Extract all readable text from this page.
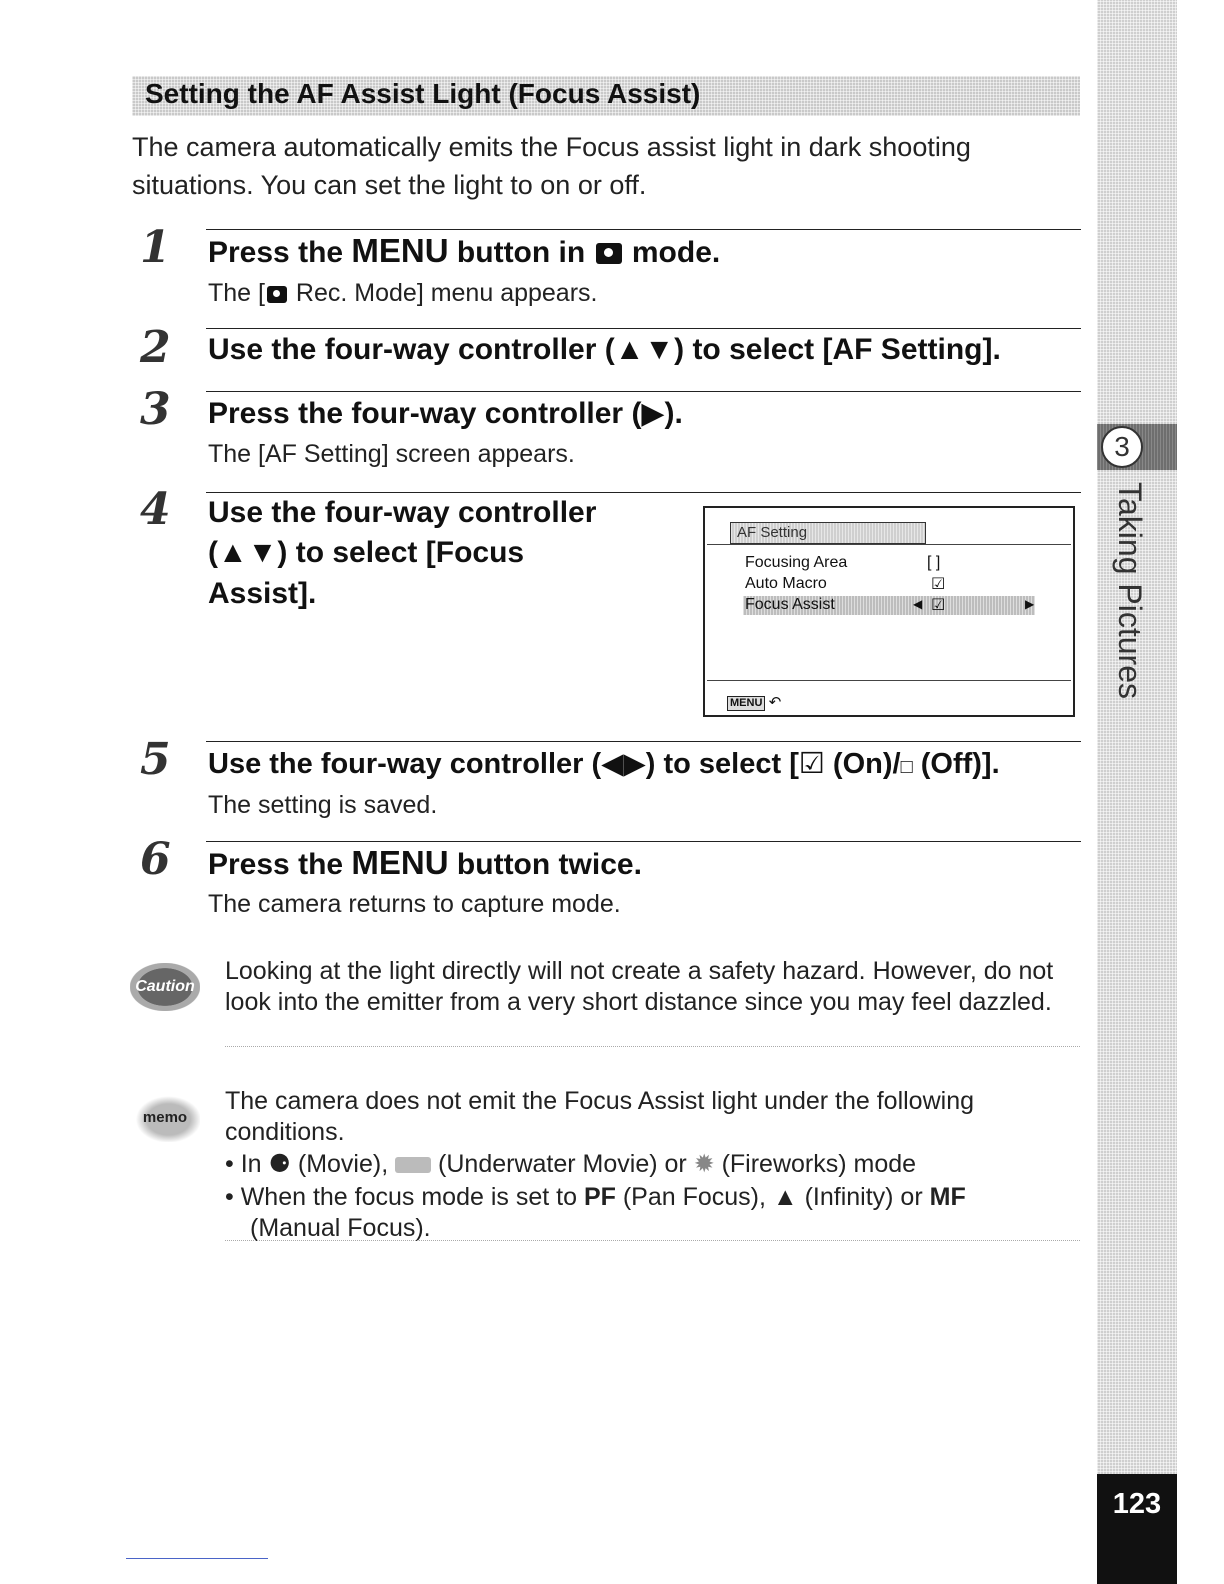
3
Taking Pictures
123
Setting the AF Assist Light (Focus Assist)
The camera automatically emits the Focus assist light in dark shooting situations. You can set the light to on or off.
1 Press the MENU button in  mode.
The [ Rec. Mode] menu appears.
2 Use the four-way controller (▲▼) to select [AF Setting].
3 Press the four-way controller (▶).
The [AF Setting] screen appears.
4 Use the four-way controller
(▲▼) to select [Focus
Assist].
AF Setting
Focusing Area	[ ]
Auto Macro	☑
Focus Assist	◀ ☑	▶
MENU ↶
5 Use the four-way controller (◀▶) to select [☑ (On)/□ (Off)].
The setting is saved.
6 Press the MENU button twice.
The camera returns to capture mode.
Caution
Looking at the light directly will not create a safety hazard. However, do not look into the emitter from a very short distance since you may feel dazzled.
memo
The camera does not emit the Focus Assist light under the following conditions.
• In ⚈ (Movie),  (Underwater Movie) or ✹ (Fireworks) mode
• When the focus mode is set to PF (Pan Focus), ▲ (Infinity) or MF
(Manual Focus).
